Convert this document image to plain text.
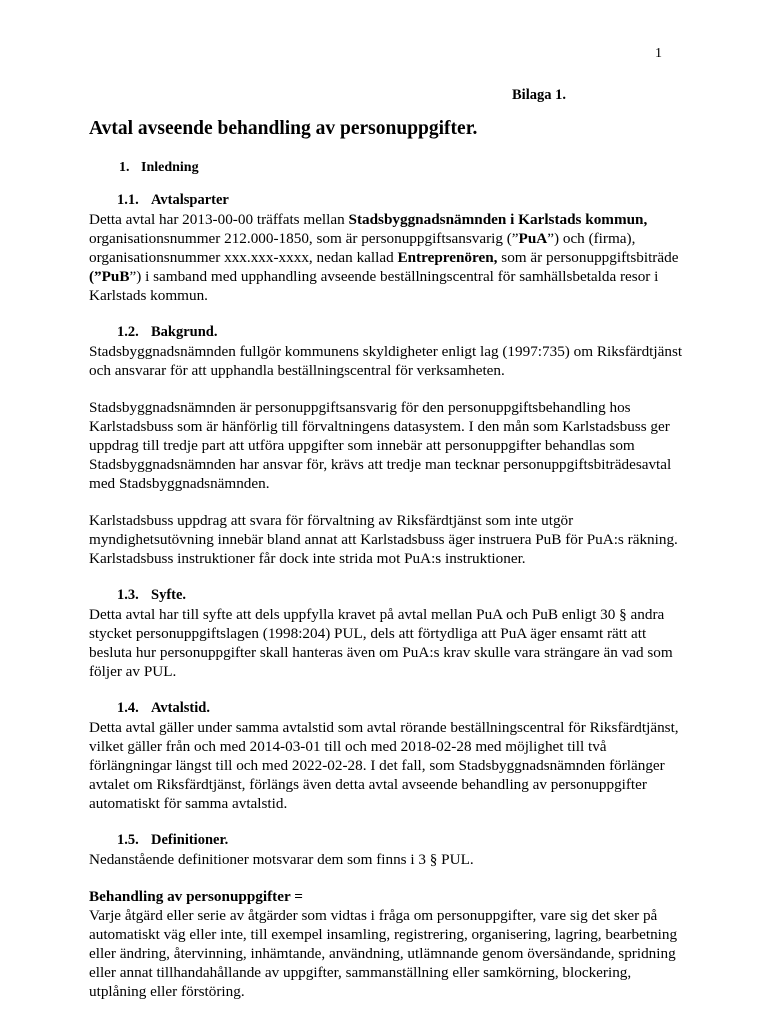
1
Bilaga 1.
Avtal avseende behandling av personuppgifter.
1. Inledning
1.1. Avtalsparter

Detta avtal har 2013-00-00 träffats mellan Stadsbyggnadsnämnden i Karlstads kommun, organisationsnummer 212.000-1850, som är personuppgiftsansvarig (”PuA”) och (firma), organisationsnummer xxx.xxx-xxxx, nedan kallad Entreprenören, som är personuppgiftsbiträde (”PuB”) i samband med upphandling avseende beställningscentral för samhällsbetalda resor i Karlstads kommun.

1.2. Bakgrund.

Stadsbyggnadsnämnden fullgör kommunens skyldigheter enligt lag (1997:735) om Riksfärdtjänst och ansvarar för att upphandla beställningscentral för verksamheten.

Stadsbyggnadsnämnden är personuppgiftsansvarig för den personuppgiftsbehandling hos Karlstadsbuss som är hänförlig till förvaltningens datasystem. I den mån som Karlstadsbuss ger uppdrag till tredje part att utföra uppgifter som innebär att personuppgifter behandlas som Stadsbyggnadsnämnden har ansvar för, krävs att tredje man tecknar personuppgiftsbiträdesavtal med Stadsbyggnadsnämnden.

Karlstadsbuss uppdrag att svara för förvaltning av Riksfärdtjänst som inte utgör myndighetsutövning innebär bland annat att Karlstadsbuss äger instruera PuB för PuA:s räkning. Karlstadsbuss instruktioner får dock inte strida mot PuA:s instruktioner.

1.3. Syfte.

Detta avtal har till syfte att dels uppfylla kravet på avtal mellan PuA och PuB enligt 30 § andra stycket personuppgiftslagen (1998:204) PUL, dels att förtydliga att PuA äger ensamt rätt att besluta hur personuppgifter skall hanteras även om PuA:s krav skulle vara strängare än vad som följer av PUL.

1.4. Avtalstid.

Detta avtal gäller under samma avtalstid som avtal rörande beställningscentral för Riksfärdtjänst, vilket gäller från och med 2014-03-01 till och med 2018-02-28 med möjlighet till två förlängningar längst till och med 2022-02-28. I det fall, som Stadsbyggnadsnämnden förlänger avtalet om Riksfärdtjänst, förlängs även detta avtal avseende behandling av personuppgifter automatiskt för samma avtalstid.

1.5. Definitioner.

Nedanstående definitioner motsvarar dem som finns i 3 § PUL.

Behandling av personuppgifter =

Varje åtgärd eller serie av åtgärder som vidtas i fråga om personuppgifter, vare sig det sker på automatiskt väg eller inte, till exempel insamling, registrering, organisering, lagring, bearbetning eller ändring, återvinning, inhämtande, användning, utlämnande genom översändande, spridning eller annat tillhandahållande av uppgifter, sammanställning eller samkörning, blockering, utplåning eller förstöring.
